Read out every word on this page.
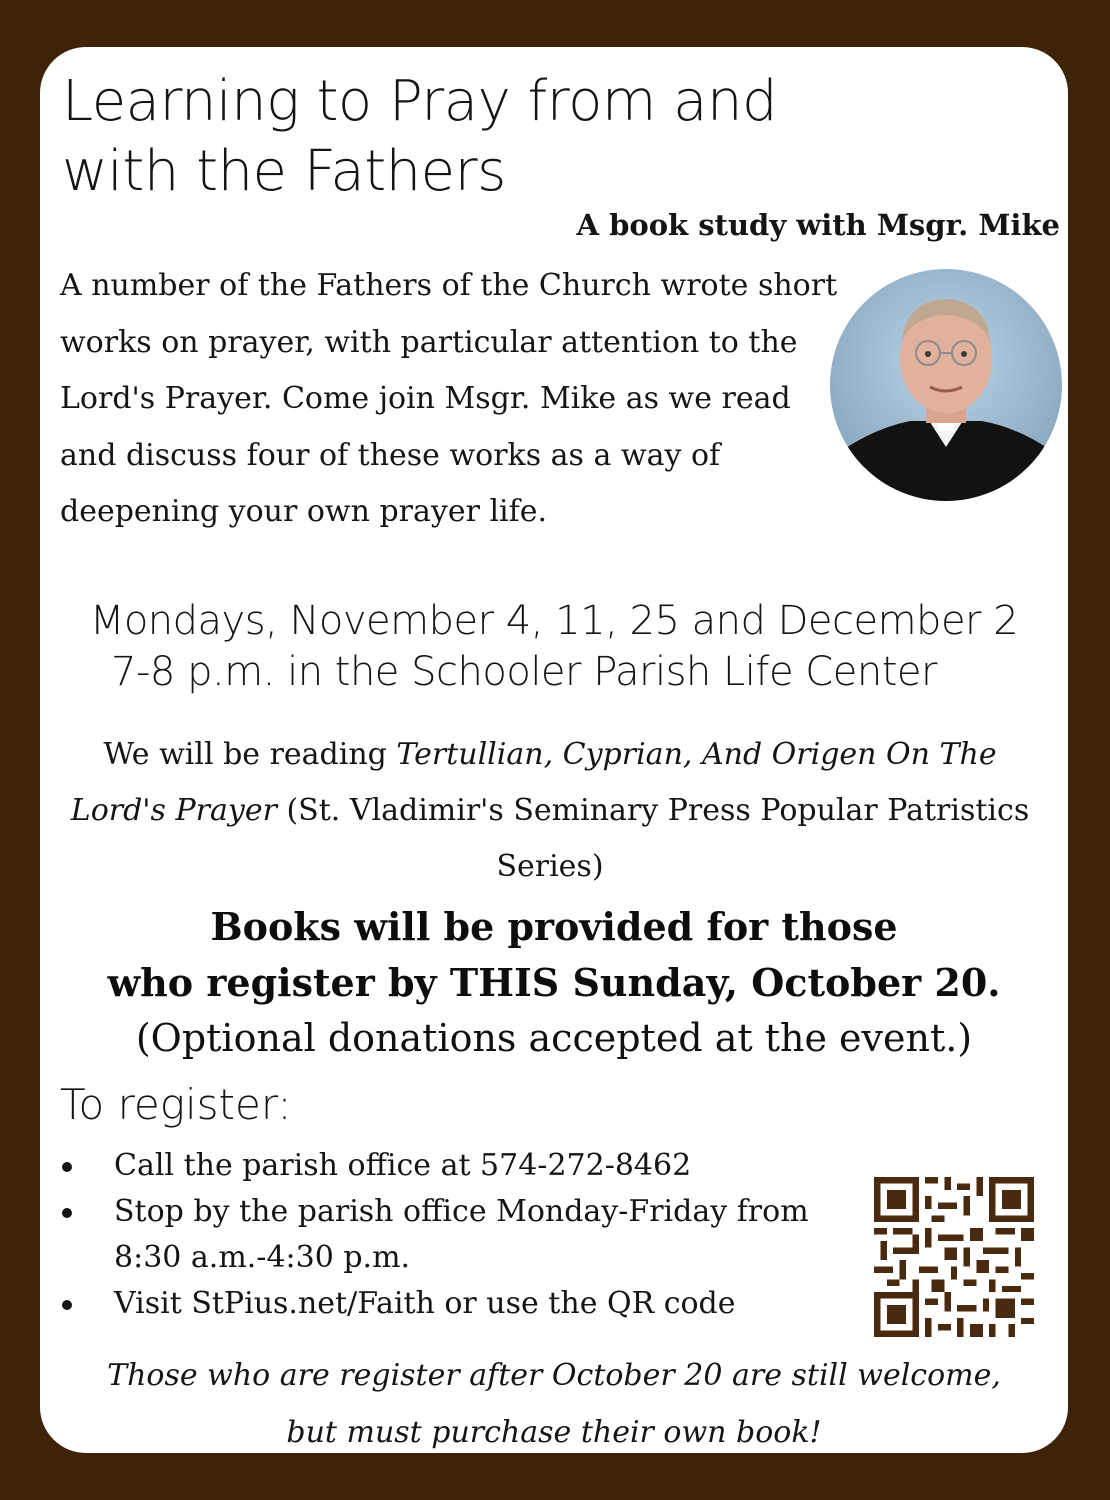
Learning to Pray from and
with the Fathers

A book study with Msgr. Mike

A number of the Fathers of the Church wrote short works on prayer, with particular attention to the Lord's Prayer. Come join Msgr. Mike as we read and discuss four of these works as a way of deepening your own prayer life.

Mondays, November 4, 11, 25 and December 2

7-8 p.m. in the Schooler Parish Life Center

We will be reading Tertullian, Cyprian, And Origen On The Lord's Prayer (St. Vladimir's Seminary Press Popular Patristics Series)

Books will be provided for those

who register by THIS Sunday, October 20.

(Optional donations accepted at the event.)

To register:

Call the parish office at 574-272-8462
Stop by the parish office Monday-Friday from 8:30 a.m.-4:30 p.m.
Visit StPius.net/Faith or use the QR code
Those who are register after October 20 are still welcome,
but must purchase their own book!
